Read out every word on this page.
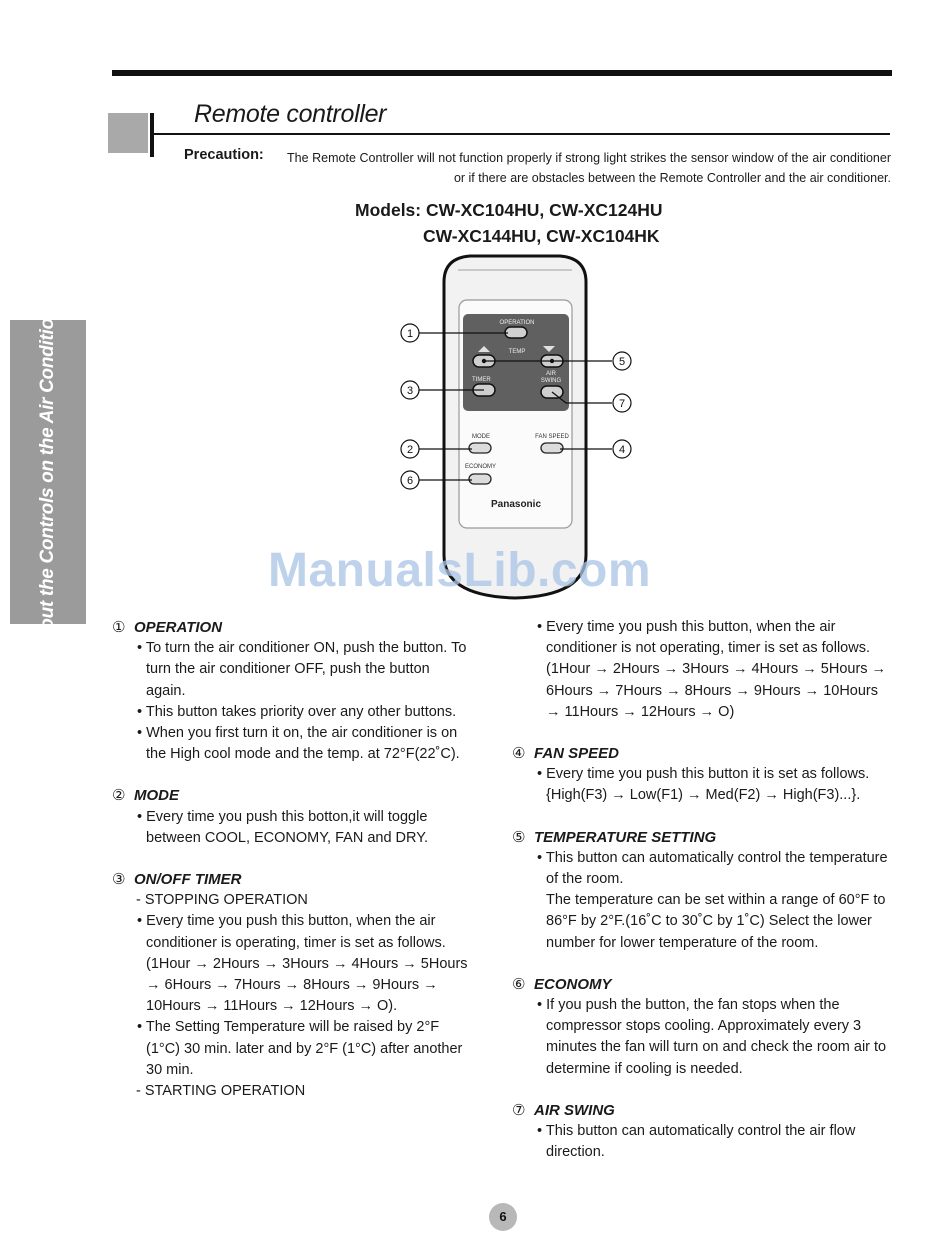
About the Controls on the Air Conditioner
Remote controller
Precaution: The Remote Controller will not function properly if strong light strikes the sensor window of the air conditioner or if there are obstacles between the Remote Controller and the air conditioner.
Models: CW-XC104HU, CW-XC124HU
CW-XC144HU, CW-XC104HK
OPERATION
TEMP
TIMER
AIR
SWING
MODE	FAN SPEED
ECONOMY
Panasonic
1
3
2
6
5
7
4
ManualsLib.com
① OPERATION
• To turn the air conditioner ON, push the button. To turn the air conditioner OFF, push the button again.
• This button takes priority over any other buttons.
• When you first turn it on, the air conditioner is on the High cool mode and the temp. at 72°F(22˚C).
② MODE
• Every time you push this botton,it will toggle between COOL, ECONOMY, FAN and DRY.
③ ON/OFF TIMER
- STOPPING OPERATION
• Every time you push this button, when the air conditioner is operating, timer is set as follows. (1Hour → 2Hours → 3Hours → 4Hours → 5Hours → 6Hours → 7Hours → 8Hours → 9Hours → 10Hours → 11Hours → 12Hours → O).
• The Setting Temperature will be raised by 2°F (1°C) 30 min. later and by 2°F (1°C) after another 30 min.
- STARTING OPERATION
• Every time you push this button, when the air conditioner is not operating, timer is set as follows. (1Hour → 2Hours → 3Hours → 4Hours → 5Hours → 6Hours → 7Hours → 8Hours → 9Hours → 10Hours → 11Hours → 12Hours → O)
④ FAN SPEED
• Every time you push this button it is set as follows. {High(F3) → Low(F1) → Med(F2) → High(F3)...}.
⑤ TEMPERATURE SETTING
• This button can automatically control the temperature of the room.
The temperature can be set within a range of 60°F to 86°F by 2°F.(16˚C to 30˚C by 1˚C) Select the lower number for lower temperature of the room.
⑥ ECONOMY
• If you push the button, the fan stops when the compressor stops cooling. Approximately every 3 minutes the fan will turn on and check the room air to determine if cooling is needed.
⑦ AIR SWING
• This button can automatically control the air flow direction.
6
